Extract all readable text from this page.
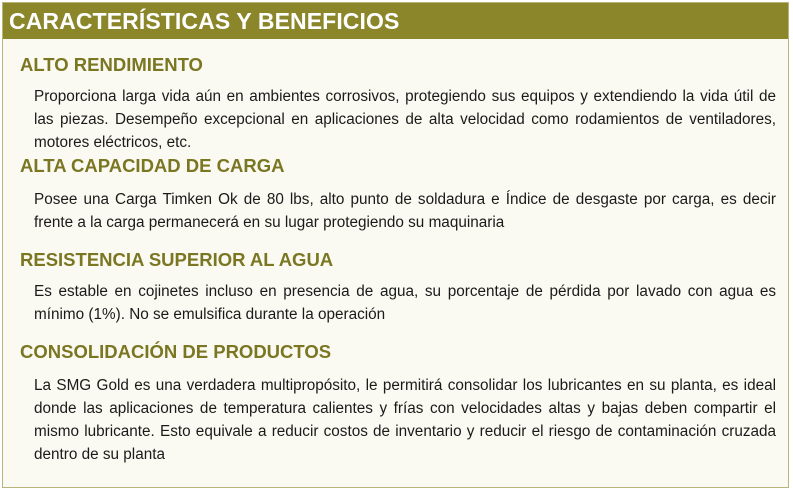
CARACTERÍSTICAS Y BENEFICIOS
ALTO RENDIMIENTO

Proporciona larga vida aún en ambientes corrosivos, protegiendo sus equipos y extendiendo la vida útil de las piezas. Desempeño excepcional en aplicaciones de alta velocidad como rodamientos de ventiladores, motores eléctricos, etc.

ALTA CAPACIDAD DE CARGA

Posee una Carga Timken Ok de 80 lbs, alto punto de soldadura e Índice de desgaste por carga, es decir frente a la carga permanecerá en su lugar protegiendo su maquinaria

RESISTENCIA SUPERIOR AL AGUA

Es estable en cojinetes incluso en presencia de agua, su porcentaje de pérdida por lavado con agua es mínimo (1%). No se emulsifica durante la operación

CONSOLIDACIÓN DE PRODUCTOS

La SMG Gold es una verdadera multipropósito, le permitirá consolidar los lubricantes en su planta, es ideal donde las aplicaciones de temperatura calientes y frías con velocidades altas y bajas deben compartir el mismo lubricante. Esto equivale a reducir costos de inventario y reducir el riesgo de contaminación cruzada dentro de su planta
